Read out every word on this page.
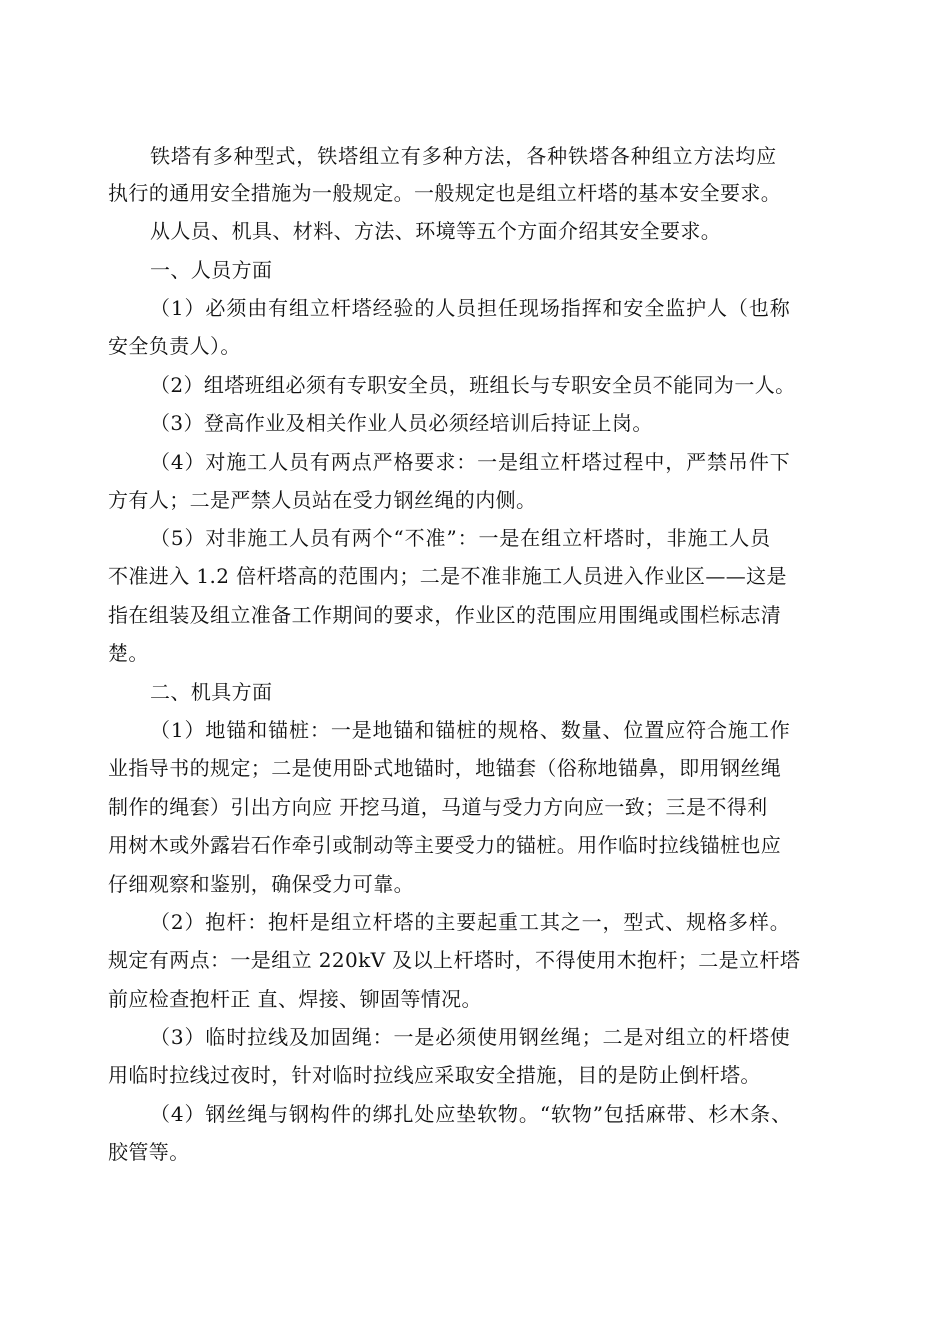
铁塔有多种型式，铁塔组立有多种方法，各种铁塔各种组立方法均应

执行的通用安全措施为一般规定。一般规定也是组立杆塔的基本安全要求。

从人员、机具、材料、方法、环境等五个方面介绍其安全要求。

一、人员方面

（1）必须由有组立杆塔经验的人员担任现场指挥和安全监护人（也称

安全负责人）。

（2）组塔班组必须有专职安全员，班组长与专职安全员不能同为一人。

（3）登高作业及相关作业人员必须经培训后持证上岗。

（4）对施工人员有两点严格要求：一是组立杆塔过程中，严禁吊件下

方有人；二是严禁人员站在受力钢丝绳的内侧。

（5）对非施工人员有两个“不准”：一是在组立杆塔时，非施工人员

不准进入 1.2 倍杆塔高的范围内；二是不准非施工人员进入作业区——这是

指在组装及组立准备工作期间的要求，作业区的范围应用围绳或围栏标志清

楚。

二、机具方面

（1）地锚和锚桩：一是地锚和锚桩的规格、数量、位置应符合施工作

业指导书的规定；二是使用卧式地锚时，地锚套（俗称地锚鼻，即用钢丝绳

制作的绳套）引出方向应 开挖马道，马道与受力方向应一致；三是不得利

用树木或外露岩石作牵引或制动等主要受力的锚桩。用作临时拉线锚桩也应

仔细观察和鉴别，确保受力可靠。

（2）抱杆：抱杆是组立杆塔的主要起重工其之一，型式、规格多样。

规定有两点：一是组立 220kV 及以上杆塔时，不得使用木抱杆；二是立杆塔

前应检查抱杆正 直、焊接、铆固等情况。

（3）临时拉线及加固绳：一是必须使用钢丝绳；二是对组立的杆塔使

用临时拉线过夜时，针对临时拉线应采取安全措施，目的是防止倒杆塔。

（4）钢丝绳与钢构件的绑扎处应垫软物。“软物”包括麻带、杉木条、

胶管等。
